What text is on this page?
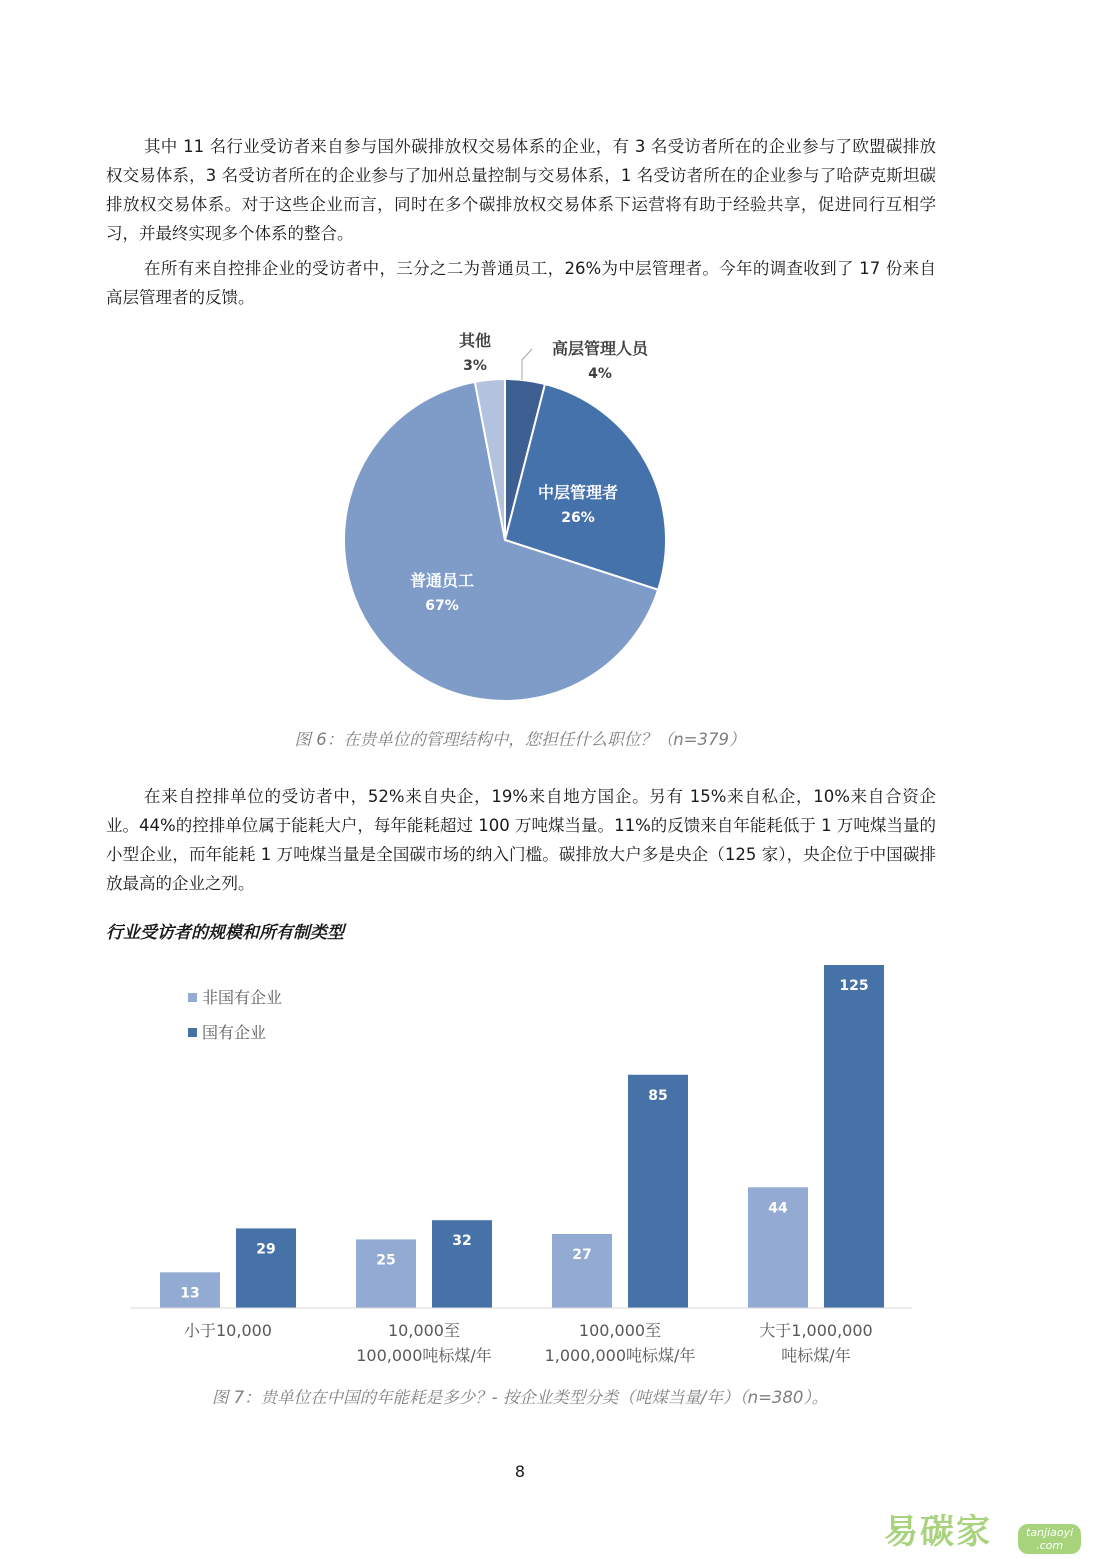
其中 11 名行业受访者来自参与国外碳排放权交易体系的企业，有 3 名受访者所在的企业参与了欧盟碳排放权交易体系，3 名受访者所在的企业参与了加州总量控制与交易体系，1 名受访者所在的企业参与了哈萨克斯坦碳排放权交易体系。对于这些企业而言，同时在多个碳排放权交易体系下运营将有助于经验共享，促进同行互相学习，并最终实现多个体系的整合。

在所有来自控排企业的受访者中，三分之二为普通员工，26%为中层管理者。今年的调查收到了 17 份来自高层管理者的反馈。

高层管理人员
4%
中层管理者
26%
普通员工
67%
其他
3%
图 6：在贵单位的管理结构中，您担任什么职位？（n=379）

在来自控排单位的受访者中，52%来自央企，19%来自地方国企。另有 15%来自私企，10%来自合资企业。44%的控排单位属于能耗大户，每年能耗超过 100 万吨煤当量。11%的反馈来自年能耗低于 1 万吨煤当量的小型企业，而年能耗 1 万吨煤当量是全国碳市场的纳入门槛。碳排放大户多是央企（125 家），央企位于中国碳排放最高的企业之列。

行业受访者的规模和所有制类型
非国有企业
国有企业
13
29
25
32
27
85
44
125
小于10,000	10,000至
100,000吨标煤/年
100,000至
1,000,000吨标煤/年
大于1,000,000
吨标煤/年
图 7：贵单位在中国的年能耗是多少？- 按企业类型分类（吨煤当量/年）（n=380）。
8
易碳家	tanjiaoyi
.com
